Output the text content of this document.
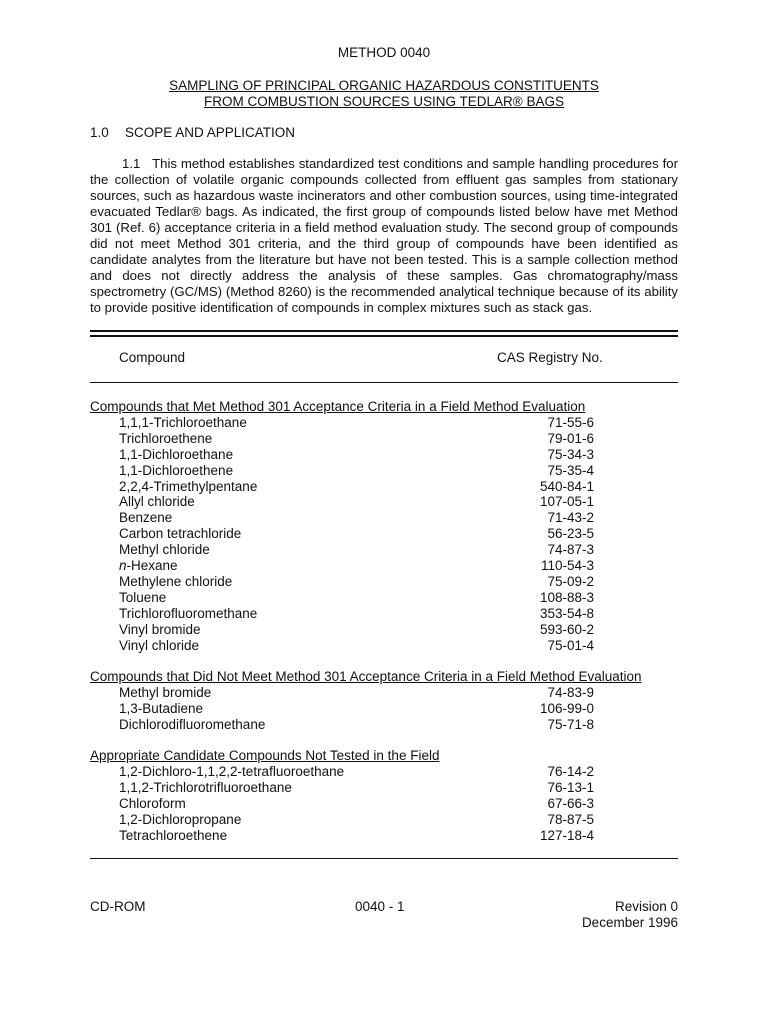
METHOD 0040
SAMPLING OF PRINCIPAL ORGANIC HAZARDOUS CONSTITUENTS
FROM COMBUSTION SOURCES USING TEDLAR® BAGS
1.0 SCOPE AND APPLICATION
1.1 This method establishes standardized test conditions and sample handling procedures for the collection of volatile organic compounds collected from effluent gas samples from stationary sources, such as hazardous waste incinerators and other combustion sources, using time-integrated evacuated Tedlar® bags. As indicated, the first group of compounds listed below have met Method 301 (Ref. 6) acceptance criteria in a field method evaluation study. The second group of compounds did not meet Method 301 criteria, and the third group of compounds have been identified as candidate analytes from the literature but have not been tested. This is a sample collection method and does not directly address the analysis of these samples. Gas chromatography/mass spectrometry (GC/MS) (Method 8260) is the recommended analytical technique because of its ability to provide positive identification of compounds in complex mixtures such as stack gas.
Compound	CAS Registry No.
Compounds that Met Method 301 Acceptance Criteria in a Field Method Evaluation
1,1,1-Trichloroethane	71-55-6
Trichloroethene	79-01-6
1,1-Dichloroethane	75-34-3
1,1-Dichloroethene	75-35-4
2,2,4-Trimethylpentane	540-84-1
Allyl chloride	107-05-1
Benzene	71-43-2
Carbon tetrachloride	56-23-5
Methyl chloride	74-87-3
n-Hexane	110-54-3
Methylene chloride	75-09-2
Toluene	108-88-3
Trichlorofluoromethane	353-54-8
Vinyl bromide	593-60-2
Vinyl chloride	75-01-4
Compounds that Did Not Meet Method 301 Acceptance Criteria in a Field Method Evaluation
Methyl bromide	74-83-9
1,3-Butadiene	106-99-0
Dichlorodifluoromethane	75-71-8
Appropriate Candidate Compounds Not Tested in the Field
1,2-Dichloro-1,1,2,2-tetrafluoroethane	76-14-2
1,1,2-Trichlorotrifluoroethane	76-13-1
Chloroform	67-66-3
1,2-Dichloropropane	78-87-5
Tetrachloroethene	127-18-4
CD-ROM	0040 - 1	Revision 0
December 1996
